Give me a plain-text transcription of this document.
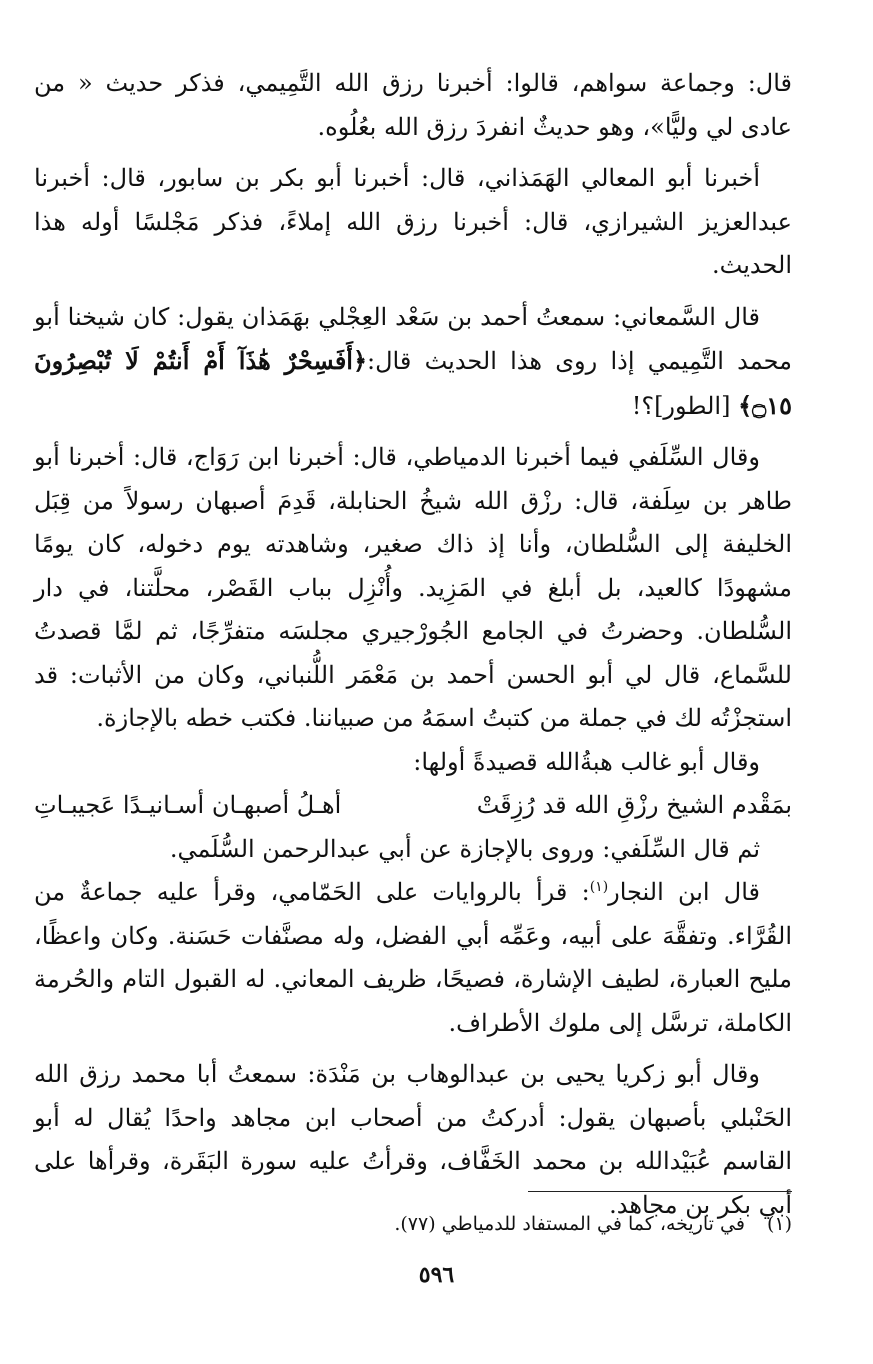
قال: وجماعة سواهم، قالوا: أخبرنا رزق الله التَّمِيمي، فذكر حديث « من عادى لي وليًّا»، وهو حديثٌ انفردَ رزق الله بعُلُوه.

أخبرنا أبو المعالي الهَمَذاني، قال: أخبرنا أبو بكر بن سابور، قال: أخبرنا عبدالعزيز الشيرازي، قال: أخبرنا رزق الله إملاءً، فذكر مَجْلسًا أوله هذا الحديث.

قال السَّمعاني: سمعتُ أحمد بن سَعْد العِجْلي بهَمَذان يقول: كان شيخنا أبو محمد التَّمِيمي إذا روى هذا الحديث قال:﴿أَفَسِحْرٌ هَٰذَآ أَمْ أَنتُمْ لَا تُبْصِرُونَ ۝١٥﴾ [الطور]؟!

وقال السِّلَفي فيما أخبرنا الدمياطي، قال: أخبرنا ابن رَوَاج، قال: أخبرنا أبو طاهر بن سِلَفة، قال: رزْق الله شيخُ الحنابلة، قَدِمَ أصبهان رسولاً من قِبَل الخليفة إلى السُّلطان، وأنا إذ ذاك صغير، وشاهدته يوم دخوله، كان يومًا مشهودًا كالعيد، بل أبلغ في المَزِيد. وأُنْزِل بباب القَصْر، محلَّتنا، في دار السُّلطان. وحضرتُ في الجامع الجُورْجيري مجلسَه متفرِّجًا، ثم لمَّا قصدتُ للسَّماع، قال لي أبو الحسن أحمد بن مَعْمَر اللُّنباني، وكان من الأثبات: قد استجزْتُه لك في جملة من كتبتُ اسمَهُ من صبياننا. فكتب خطه بالإجازة.

وقال أبو غالب هبةُالله قصيدةً أولها:

بمَقْدم الشيخ رزْقِ الله قد رُزِقَتْ
أهـلُ أصبهـان أسـانيـدًا عَجيبـاتِ

ثم قال السِّلَفي: وروى بالإجازة عن أبي عبدالرحمن السُّلَمي.

قال ابن النجار$^{(١)}$: قرأ بالروايات على الحَمّامي، وقرأ عليه جماعةٌ من القُرَّاء. وتفقَّهَ على أبيه، وعَمِّه أبي الفضل، وله مصنَّفات حَسَنة. وكان واعظًا، مليح العبارة، لطيف الإشارة، فصيحًا، ظريف المعاني. له القبول التام والحُرمة الكاملة، ترسَّل إلى ملوك الأطراف.

وقال أبو زكريا يحيى بن عبدالوهاب بن مَنْدَة: سمعتُ أبا محمد رزق الله الحَنْبلي بأصبهان يقول: أدركتُ من أصحاب ابن مجاهد واحدًا يُقال له أبو القاسم عُبَيْدالله بن محمد الخَفَّاف، وقرأتُ عليه سورة البَقَرة، وقرأها على أبي بكر بن مجاهد.

(١)في تاريخه، كما في المستفاد للدمياطي (٧٧).
٥٩٦
